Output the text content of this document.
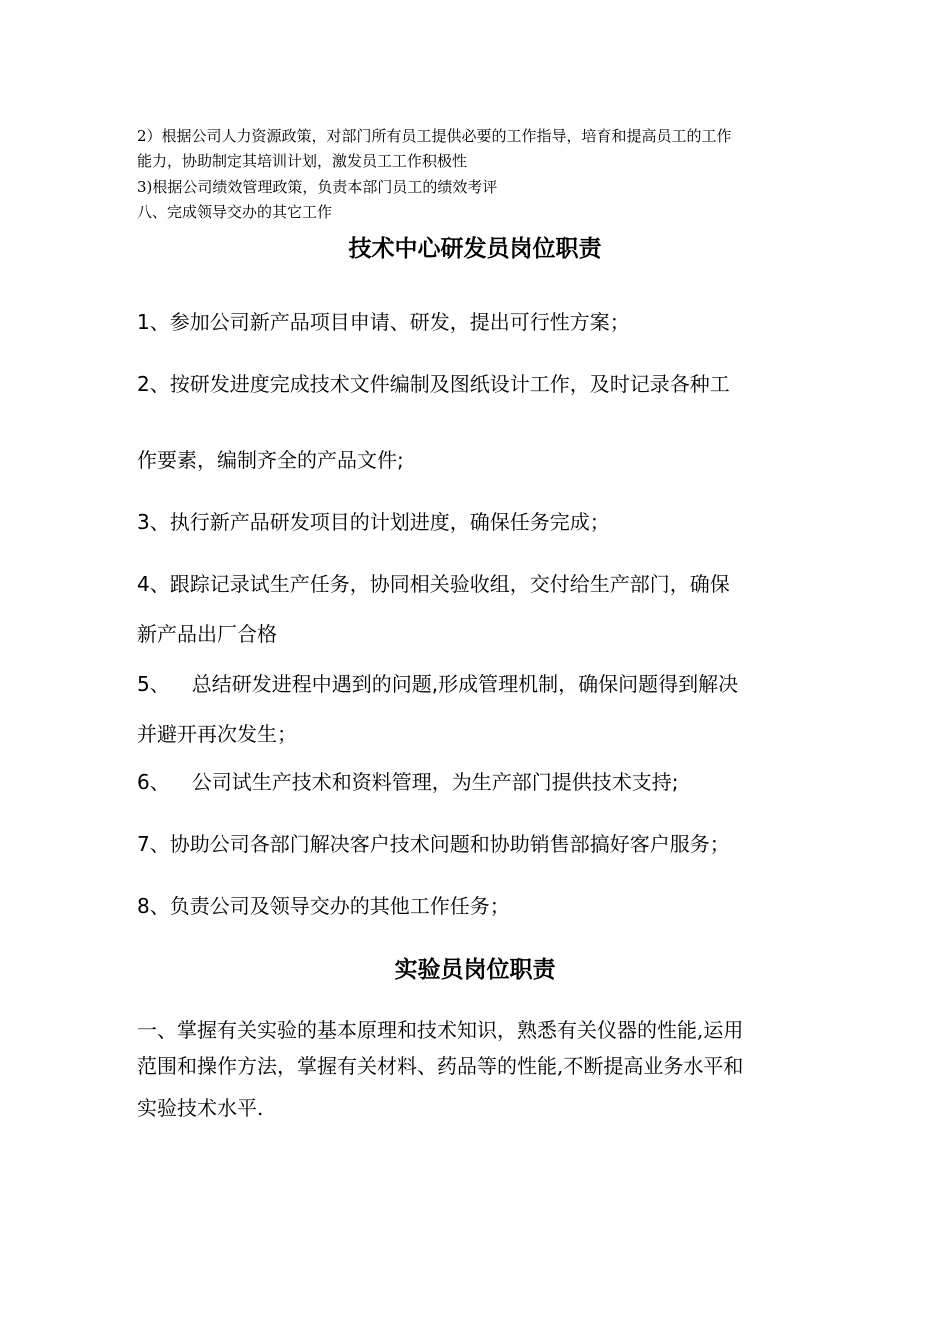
2）根据公司人力资源政策，对部门所有员工提供必要的工作指导，培育和提高员工的工作
能力，协助制定其培训计划，激发员工工作积极性
3)根据公司绩效管理政策，负责本部门员工的绩效考评
八、完成领导交办的其它工作
技术中心研发员岗位职责
1、参加公司新产品项目申请、研发，提出可行性方案；
2、按研发进度完成技术文件编制及图纸设计工作，及时记录各种工
作要素，编制齐全的产品文件;
3、执行新产品研发项目的计划进度，确保任务完成；
4、跟踪记录试生产任务，协同相关验收组，交付给生产部门，确保
新产品出厂合格
5、 总结研发进程中遇到的问题,形成管理机制，确保问题得到解决
并避开再次发生；
6、 公司试生产技术和资料管理，为生产部门提供技术支持;
7、协助公司各部门解决客户技术问题和协助销售部搞好客户服务；
8、负责公司及领导交办的其他工作任务；
实验员岗位职责
一、掌握有关实验的基本原理和技术知识，熟悉有关仪器的性能,运用
范围和操作方法，掌握有关材料、药品等的性能,不断提高业务水平和
实验技术水平.
